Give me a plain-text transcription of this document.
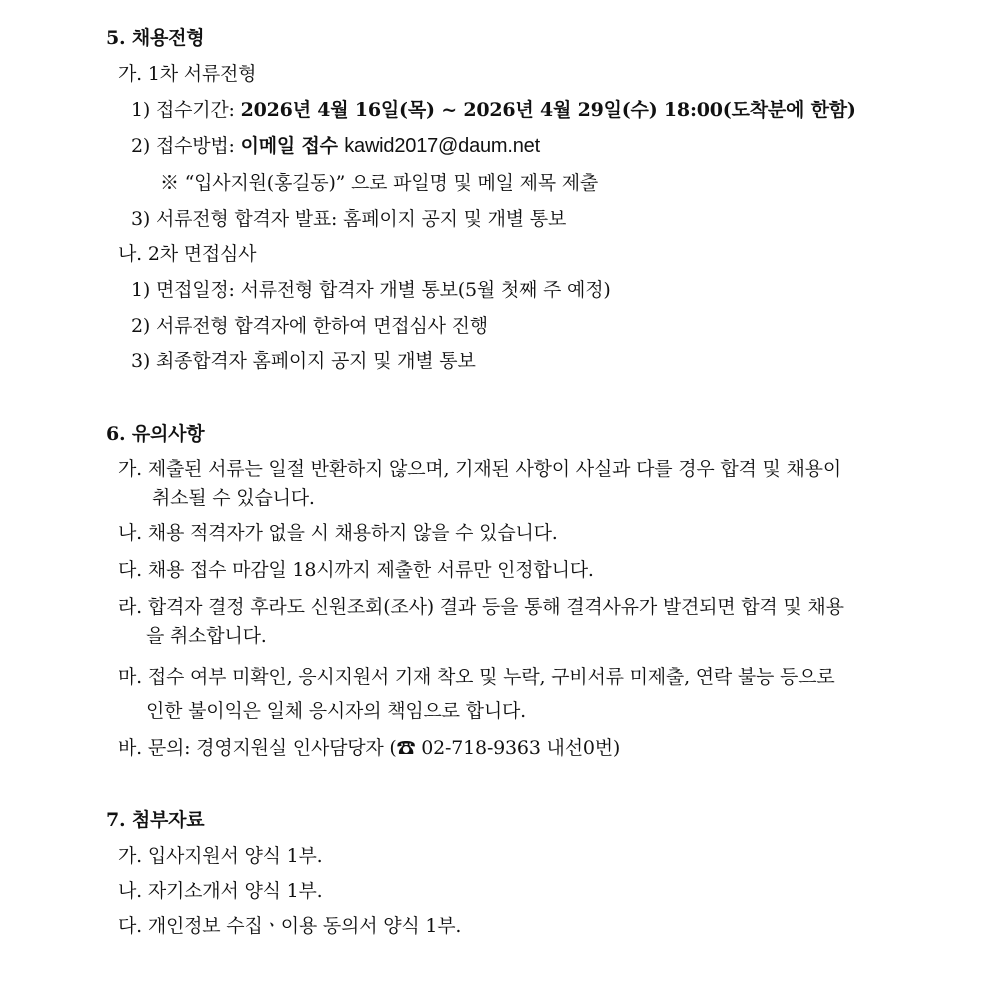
5. 채용전형
가. 1차 서류전형
1) 접수기간: 2026년 4월 16일(목) ~ 2026년 4월 29일(수) 18:00(도착분에 한함)
2) 접수방법: 이메일 접수 kawid2017@daum.net
※ “입사지원(홍길동)” 으로 파일명 및 메일 제목 제출
3) 서류전형 합격자 발표: 홈페이지 공지 및 개별 통보
나. 2차 면접심사
1) 면접일정: 서류전형 합격자 개별 통보(5월 첫째 주 예정)
2) 서류전형 합격자에 한하여 면접심사 진행
3) 최종합격자 홈페이지 공지 및 개별 통보
6. 유의사항
가. 제출된 서류는 일절 반환하지 않으며, 기재된 사항이 사실과 다를 경우 합격 및 채용이
취소될 수 있습니다.
나. 채용 적격자가 없을 시 채용하지 않을 수 있습니다.
다. 채용 접수 마감일 18시까지 제출한 서류만 인정합니다.
라. 합격자 결정 후라도 신원조회(조사) 결과 등을 통해 결격사유가 발견되면 합격 및 채용
을 취소합니다.
마. 접수 여부 미확인, 응시지원서 기재 착오 및 누락, 구비서류 미제출, 연락 불능 등으로
인한 불이익은 일체 응시자의 책임으로 합니다.
바. 문의: 경영지원실 인사담당자 (☎ 02-718-9363 내선0번)
7. 첨부자료
가. 입사지원서 양식 1부.
나. 자기소개서 양식 1부.
다. 개인정보 수집ㆍ이용 동의서 양식 1부.
